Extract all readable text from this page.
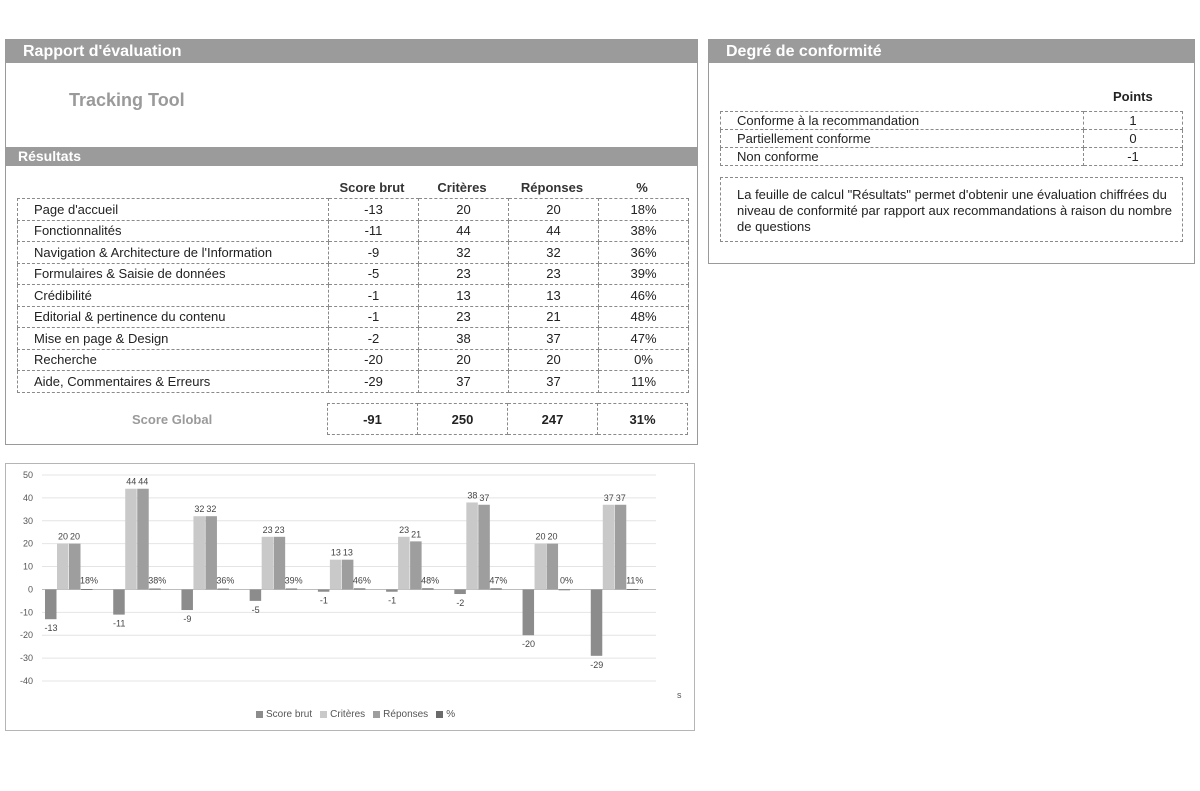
Rapport d'évaluation
Tracking Tool
Résultats
Score brut	Critères	Réponses	%
Page d'accueil	-13	20	20	18%
Fonctionnalités	-11	44	44	38%
Navigation & Architecture de l'Information	-9	32	32	36%
Formulaires & Saisie de données	-5	23	23	39%
Crédibilité	-1	13	13	46%
Editorial & pertinence du contenu	-1	23	21	48%
Mise en page & Design	-2	38	37	47%
Recherche	-20	20	20	0%
Aide, Commentaires & Erreurs	-29	37	37	11%
Score Global	-91	250	247	31%
Degré de conformité
Points
Conforme à la recommandation	1
Partiellement conforme	0
Non conforme	-1
La feuille de calcul "Résultats" permet d'obtenir une évaluation chiffrées du niveau de conformité par rapport aux recommandations à raison du nombre de questions
50
40
30
20
10
0
-10
-20
-30
-40
-13	-11	-9
-5
-1	-1	-2
-20
-29
20
44
32
23
13
23
38
20
37
20
44
32
23
13
21
37
20
37
18%	38%	36%	39%	46%	48%	47%	0%	11%
s
Score brut Critères Réponses %
